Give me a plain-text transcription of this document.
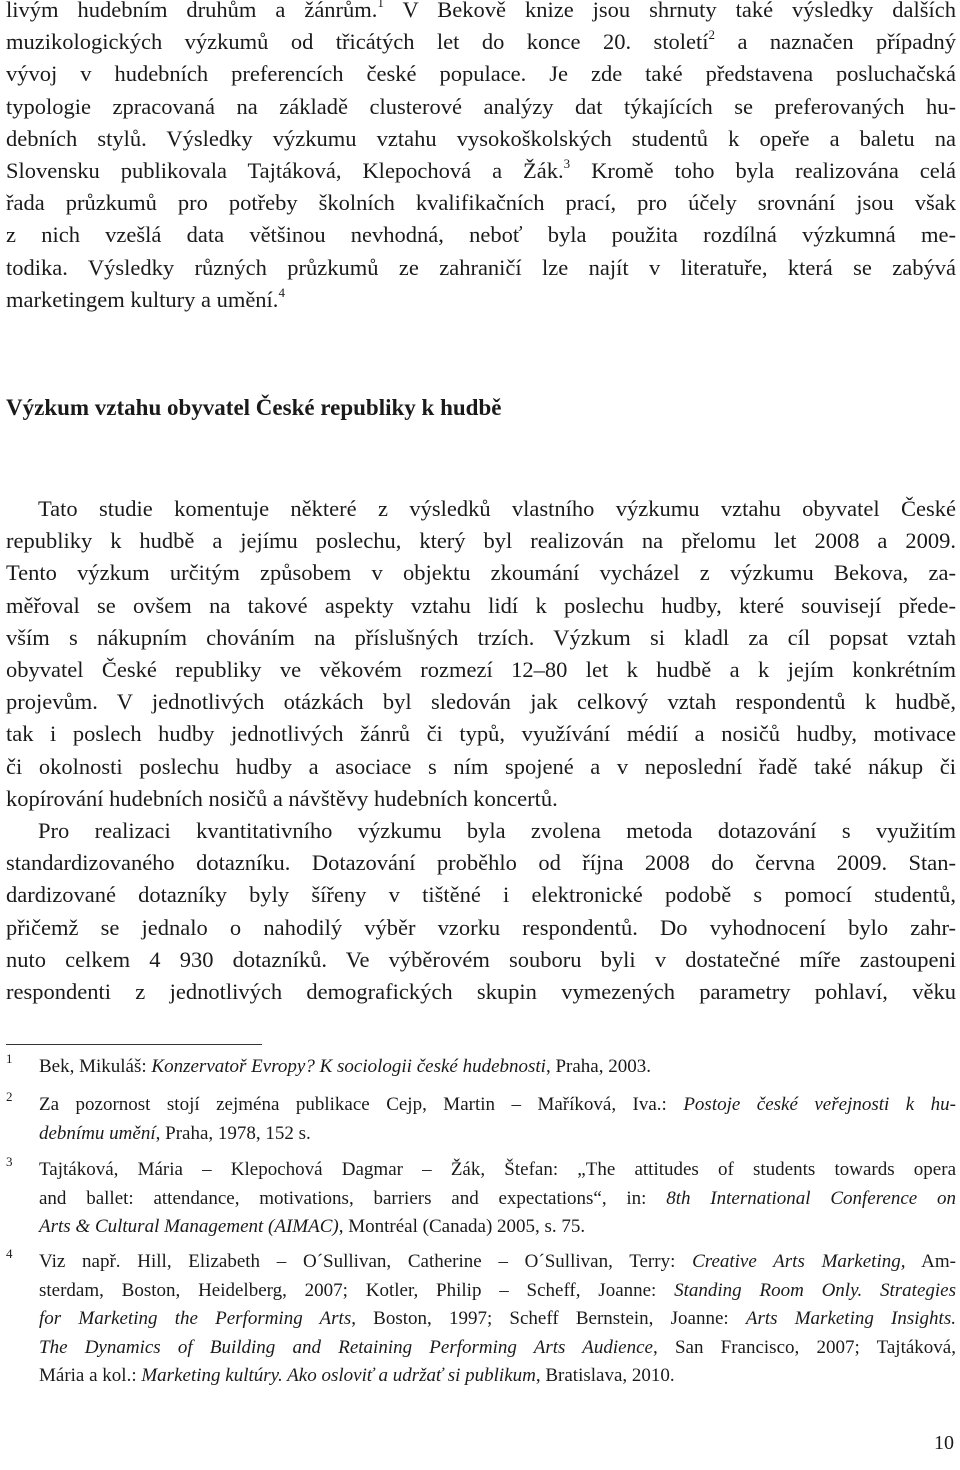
livým hudebním druhům a žánrům.$^1$ V Bekově knize jsou shrnuty také výsledky dalších
muzikologických výzkumů od třicátých let do konce 20. století$^2$ a naznačen případný
vývoj v hudebních preferencích české populace. Je zde také představena posluchačská
typologie zpracovaná na základě clusterové analýzy dat týkajících se preferovaných hu-
debních stylů. Výsledky výzkumu vztahu vysokoškolských studentů k opeře a baletu na
Slovensku publikovala Tajtáková, Klepochová a Žák.$^3$ Kromě toho byla realizována celá
řada průzkumů pro potřeby školních kvalifikačních prací, pro účely srovnání jsou však
z nich vzešlá data většinou nevhodná, neboť byla použita rozdílná výzkumná me-
todika. Výsledky různých průzkumů ze zahraničí lze najít v literatuře, která se zabývá
marketingem kultury a umění.$^4$
Výzkum vztahu obyvatel České republiky k hudbě
Tato studie komentuje některé z výsledků vlastního výzkumu vztahu obyvatel České
republiky k hudbě a jejímu poslechu, který byl realizován na přelomu let 2008 a 2009.
Tento výzkum určitým způsobem v objektu zkoumání vycházel z výzkumu Bekova, za-
měřoval se ovšem na takové aspekty vztahu lidí k poslechu hudby, které souvisejí přede-
vším s nákupním chováním na příslušných trzích. Výzkum si kladl za cíl popsat vztah
obyvatel České republiky ve věkovém rozmezí 12–80 let k hudbě a k jejím konkrétním
projevům. V jednotlivých otázkách byl sledován jak celkový vztah respondentů k hudbě,
tak i poslech hudby jednotlivých žánrů či typů, využívání médií a nosičů hudby, motivace
či okolnosti poslechu hudby a asociace s ním spojené a v neposlední řadě také nákup či
kopírování hudebních nosičů a návštěvy hudebních koncertů.
Pro realizaci kvantitativního výzkumu byla zvolena metoda dotazování s využitím
standardizovaného dotazníku. Dotazování proběhlo od října 2008 do června 2009. Stan-
dardizované dotazníky byly šířeny v tištěné i elektronické podobě s pomocí studentů,
přičemž se jednalo o nahodilý výběr vzorku respondentů. Do vyhodnocení bylo zahr-
nuto celkem 4 930 dotazníků. Ve výběrovém souboru byli v dostatečné míře zastoupeni
respondenti z jednotlivých demografických skupin vymezených parametry pohlaví, věku
1 Bek, Mikuláš: Konzervatoř Evropy? K sociologii české hudebnosti, Praha, 2003.
2 Za pozornost stojí zejména publikace Cejp, Martin – Maříková, Iva.: Postoje české veřejnosti k hu-
debnímu umění, Praha, 1978, 152 s.
3 Tajtáková, Mária – Klepochová Dagmar – Žák, Štefan: „The attitudes of students towards opera
and ballet: attendance, motivations, barriers and expectations“, in: 8th International Conference on
Arts & Cultural Management (AIMAC), Montréal (Canada) 2005, s. 75.
4 Viz např. Hill, Elizabeth – O´Sullivan, Catherine – O´Sullivan, Terry: Creative Arts Marketing, Am-
sterdam, Boston, Heidelberg, 2007; Kotler, Philip – Scheff, Joanne: Standing Room Only. Strategies
for Marketing the Performing Arts, Boston, 1997; Scheff Bernstein, Joanne: Arts Marketing Insights.
The Dynamics of Building and Retaining Performing Arts Audience, San Francisco, 2007; Tajtáková,
Mária a kol.: Marketing kultúry. Ako osloviť a udržať si publikum, Bratislava, 2010.
10
